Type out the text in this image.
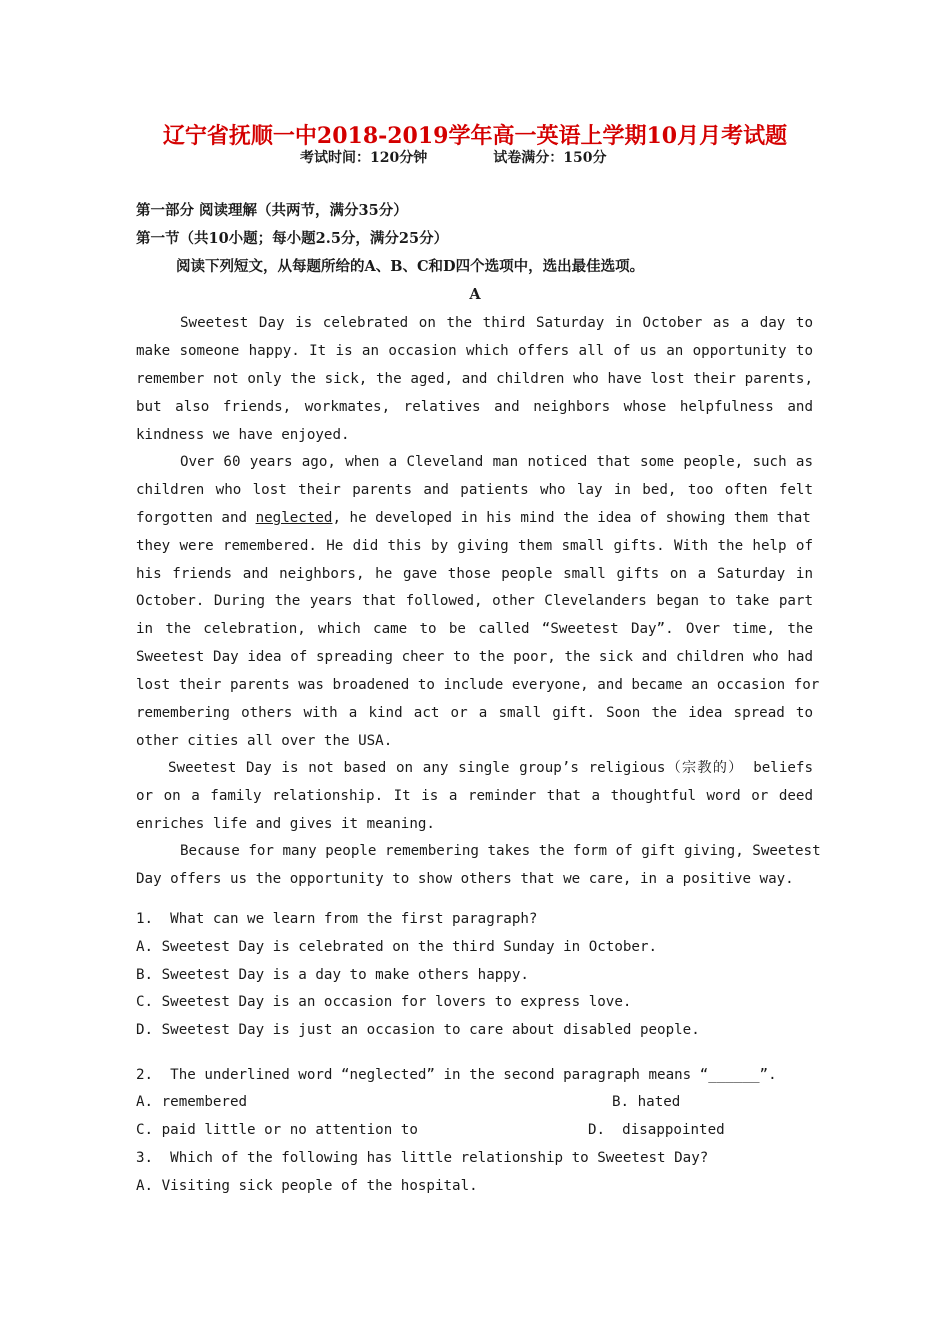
辽宁省抚顺一中2018-2019学年高一英语上学期10月月考试题
考试时间：120分钟	试卷满分：150分
第一部分 阅读理解（共两节，满分35分）
第一节（共10小题；每小题2.5分，满分25分）
阅读下列短文，从每题所给的A、B、C和D四个选项中，选出最佳选项。
A
Sweetest Day is celebrated on the third Saturday in October as a day to
make someone happy. It is an occasion which offers all of us an opportunity to
remember not only the sick, the aged, and children who have lost their parents,
but also friends, workmates, relatives and neighbors whose helpfulness and
kindness we have enjoyed.
Over 60 years ago, when a Cleveland man noticed that some people, such as
children who lost their parents and patients who lay in bed, too often felt
forgotten and neglected, he developed in his mind the idea of showing them that
they were remembered. He did this by giving them small gifts. With the help of
his friends and neighbors, he gave those people small gifts on a Saturday in
October. During the years that followed, other Clevelanders began to take part
in the celebration, which came to be called “Sweetest Day”. Over time, the
Sweetest Day idea of spreading cheer to the poor, the sick and children who had
lost their parents was broadened to include everyone, and became an occasion for
remembering others with a kind act or a small gift. Soon the idea spread to
other cities all over the USA.
Sweetest Day is not based on any single group’s religious（宗教的） beliefs
or on a family relationship. It is a reminder that a thoughtful word or deed
enriches life and gives it meaning.
Because for many people remembering takes the form of gift giving, Sweetest
Day offers us the opportunity to show others that we care, in a positive way.
1.  What can we learn from the first paragraph?
A. Sweetest Day is celebrated on the third Sunday in October.
B. Sweetest Day is a day to make others happy.
C. Sweetest Day is an occasion for lovers to express love.
D. Sweetest Day is just an occasion to care about disabled people.
2.  The underlined word “neglected” in the second paragraph means “______”.
A. remembered	B. hated
C. paid little or no attention to	D.  disappointed
3.  Which of the following has little relationship to Sweetest Day?
A. Visiting sick people of the hospital.
